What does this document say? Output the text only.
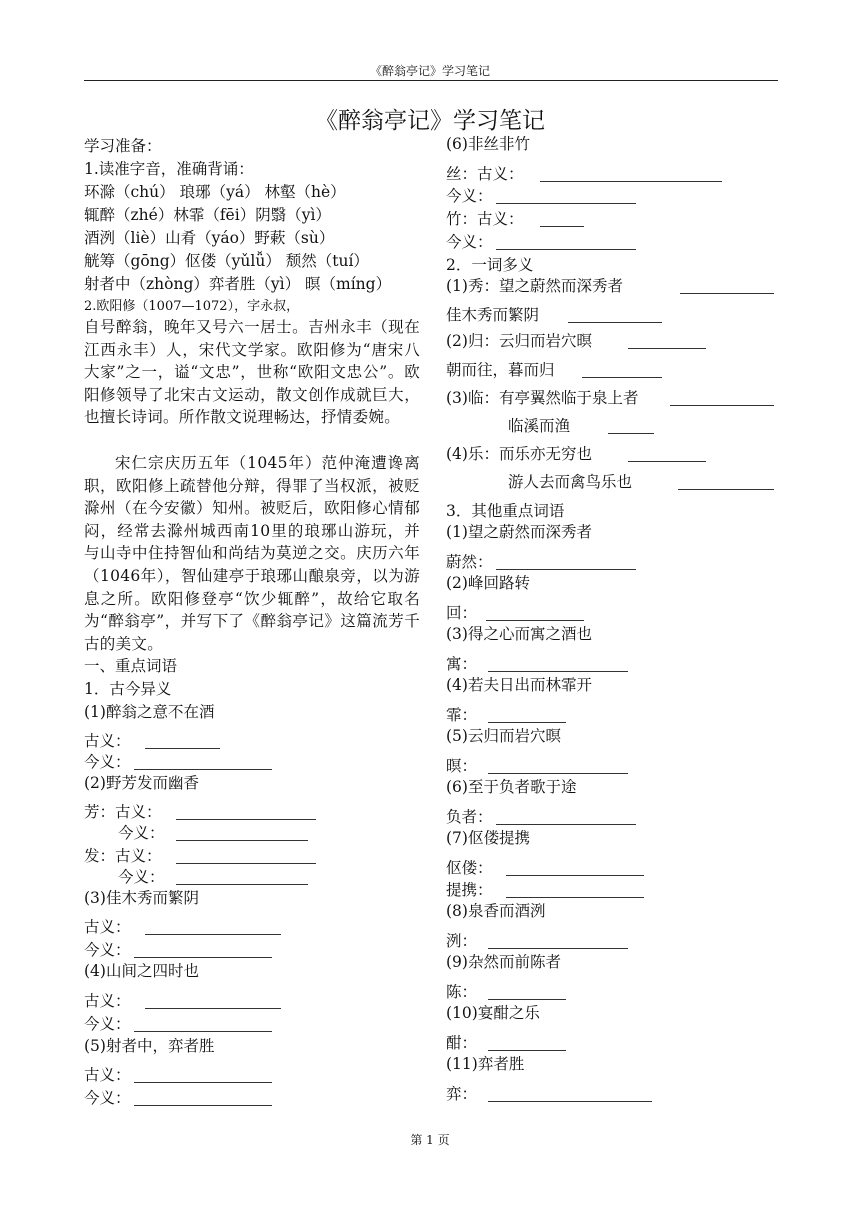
《醉翁亭记》学习笔记
《醉翁亭记》学习笔记
学习准备：
1.读准字音，准确背诵：
环滁（chú） 琅琊（yá） 林壑（hè）
辄醉（zhé）林霏（fēi）阴翳（yì）
酒洌（liè）山肴（yáo）野蔌（sù）
觥筹（gōng）伛偻（yǔlǚ） 颓然（tuí）
射者中（zhòng）弈者胜（yì） 暝（míng）
2.欧阳修（1007—1072），字永叔，
自号醉翁，晚年又号六一居士。吉州永丰（现在江西永丰）人，宋代文学家。欧阳修为“唐宋八大家”之一，谥“文忠”，世称“欧阳文忠公”。欧阳修领导了北宋古文运动，散文创作成就巨大，也擅长诗词。所作散文说理畅达，抒情委婉。
宋仁宗庆历五年（1045年）范仲淹遭谗离职，欧阳修上疏替他分辩，得罪了当权派，被贬滁州（在今安徽）知州。被贬后，欧阳修心情郁闷，经常去滁州城西南10里的琅琊山游玩，并与山寺中住持智仙和尚结为莫逆之交。庆历六年（1046年），智仙建亭于琅琊山酿泉旁，以为游息之所。欧阳修登亭“饮少辄醉”，故给它取名为“醉翁亭”，并写下了《醉翁亭记》这篇流芳千古的美文。
一、重点词语
1．古今异义
(1)醉翁之意不在酒
古义：
今义：
(2)野芳发而幽香
芳：古义：
今义：
发：古义：
今义：
(3)佳木秀而繁阴
古义：
今义：
(4)山间之四时也
古义：
今义：
(5)射者中，弈者胜
古义：
今义：
(6)非丝非竹
丝：古义：
今义：
竹：古义：
今义：
2．一词多义
(1)秀：望之蔚然而深秀者
佳木秀而繁阴
(2)归：云归而岩穴暝
朝而往，暮而归
(3)临：有亭翼然临于泉上者
临溪而渔
(4)乐：而乐亦无穷也
游人去而禽鸟乐也
3．其他重点词语
(1)望之蔚然而深秀者
蔚然：
(2)峰回路转
回：
(3)得之心而寓之酒也
寓：
(4)若夫日出而林霏开
霏：
(5)云归而岩穴暝
暝：
(6)至于负者歌于途
负者：
(7)伛偻提携
伛偻：
提携：
(8)泉香而酒洌
洌：
(9)杂然而前陈者
陈：
(10)宴酣之乐
酣：
(11)弈者胜
弈：
第 1 页
